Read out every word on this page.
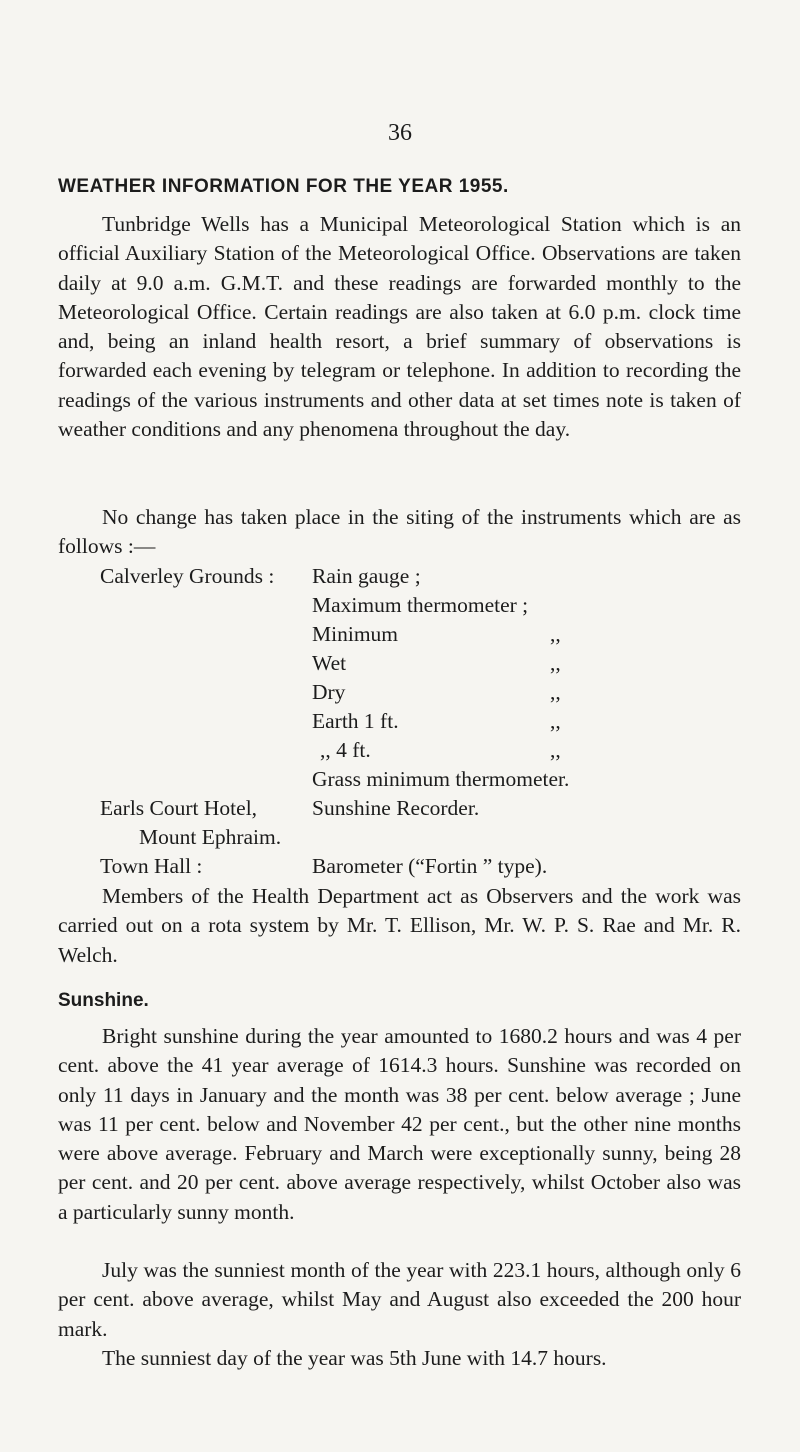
36
WEATHER INFORMATION FOR THE YEAR 1955.

Tunbridge Wells has a Municipal Meteorological Station which is an official Auxiliary Station of the Meteorological Office. Observations are taken daily at 9.0 a.m. G.M.T. and these readings are forwarded monthly to the Meteorological Office. Certain readings are also taken at 6.0 p.m. clock time and, being an inland health resort, a brief summary of observations is forwarded each evening by telegram or telephone. In addition to recording the readings of the various instruments and other data at set times note is taken of weather conditions and any phenomena throughout the day.

No change has taken place in the siting of the instruments which are as follows :—

Calverley Grounds : Rain gauge ;
Maximum thermometer ;
Minimum	,,
Wet	,,
Dry	,,
Earth 1 ft.	,,
,, 4 ft.	,,
Grass minimum thermometer.
Earls Court Hotel,	Sunshine Recorder.
Mount Ephraim.
Town Hall :	Barometer (“Fortin ” type).

Members of the Health Department act as Observers and the work was carried out on a rota system by Mr. T. Ellison, Mr. W. P. S. Rae and Mr. R. Welch.

Sunshine.

Bright sunshine during the year amounted to 1680.2 hours and was 4 per cent. above the 41 year average of 1614.3 hours. Sunshine was recorded on only 11 days in January and the month was 38 per cent. below average ; June was 11 per cent. below and November 42 per cent., but the other nine months were above average. February and March were exceptionally sunny, being 28 per cent. and 20 per cent. above average respectively, whilst October also was a particularly sunny month.

July was the sunniest month of the year with 223.1 hours, although only 6 per cent. above average, whilst May and August also exceeded the 200 hour mark.

The sunniest day of the year was 5th June with 14.7 hours.
